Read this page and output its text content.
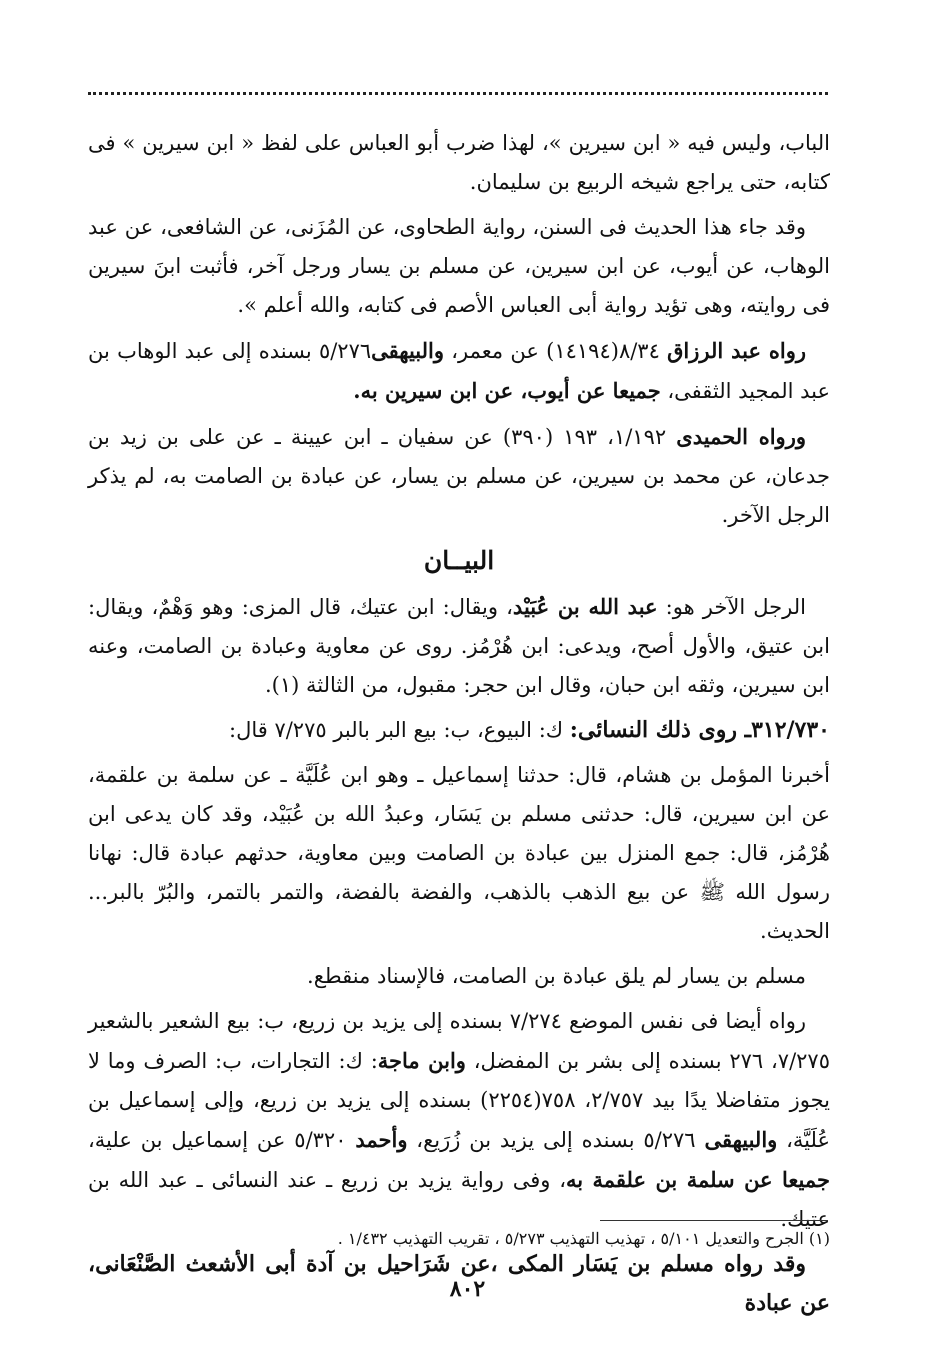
الباب، وليس فيه « ابن سيرين »، لهذا ضرب أبو العباس على لفظ « ابن سيرين » فى كتابه، حتى يراجع شيخه الربيع بن سليمان.

وقد جاء هذا الحديث فى السنن، رواية الطحاوى، عن المُزَنى، عن الشافعى، عن عبد الوهاب، عن أيوب، عن ابن سيرين، عن مسلم بن يسار ورجل آخر، فأثبت ابنَ سيرين فى روايته، وهى تؤيد رواية أبى العباس الأصم فى كتابه، والله أعلم ».

رواه عبد الرزاق ٨/٣٤(١٤١٩٤) عن معمر، والبيهقى٥/٢٧٦ بسنده إلى عبد الوهاب بن عبد المجيد الثقفى، جميعا عن أيوب، عن ابن سيرين به.

ورواه الحميدى ١/١٩٢، ١٩٣ (٣٩٠) عن سفيان ـ ابن عيينة ـ عن على بن زيد بن جدعان، عن محمد بن سيرين، عن مسلم بن يسار، عن عبادة بن الصامت به، لم يذكر الرجل الآخر.

البيــان

الرجل الآخر هو: عبد الله بن عُبَيْد، ويقال: ابن عتيك، قال المزى: وهو وَهْمٌ، ويقال: ابن عتيق، والأول أصح، ويدعى: ابن هُرْمُز. روى عن معاوية وعبادة بن الصامت، وعنه ابن سيرين، وثقه ابن حبان، وقال ابن حجر: مقبول، من الثالثة (١).

٣١٢/٧٣٠ـ روى ذلك النسائى: ك: البيوع، ب: بيع البر بالبر ٧/٢٧٥ قال:

أخبرنا المؤمل بن هشام، قال: حدثنا إسماعيل ـ وهو ابن عُلَيَّة ـ عن سلمة بن علقمة، عن ابن سيرين، قال: حدثنى مسلم بن يَسَار، وعبدُ الله بن عُبَيْد، وقد كان يدعى ابن هُرْمُز، قال: جمع المنزل بين عبادة بن الصامت وبين معاوية، حدثهم عبادة قال: نهانا رسول الله ﷺ عن بيع الذهب بالذهب، والفضة بالفضة، والتمر بالتمر، والبُرّ بالبر... الحديث.

مسلم بن يسار لم يلق عبادة بن الصامت، فالإسناد منقطع.

رواه أيضا فى نفس الموضع ٧/٢٧٤ بسنده إلى يزيد بن زريع، ب: بيع الشعير بالشعير ٧/٢٧٥، ٢٧٦ بسنده إلى بشر بن المفضل، وابن ماجة: ك: التجارات، ب: الصرف وما لا يجوز متفاضلا يدًا بيد ٢/٧٥٧، ٧٥٨(٢٢٥٤) بسنده إلى يزيد بن زريع، وإلى إسماعيل بن عُلَيَّة، والبيهقى ٥/٢٧٦ بسنده إلى يزيد بن زُرَيع، وأحمد ٥/٣٢٠ عن إسماعيل بن علية، جميعا عن سلمة بن علقمة به، وفى رواية يزيد بن زريع ـ عند النسائى ـ عبد الله بن عتيك.

وقد رواه مسلم بن يَسَار المكى ،عن شَرَاحيل بن آدة أبى الأشعث الصَّنْعَانى، عن عبادة

(١) الجرح والتعديل ٥/١٠١ ، تهذيب التهذيب ٥/٢٧٣ ، تقريب التهذيب ١/٤٣٢ .
٨٠٢
